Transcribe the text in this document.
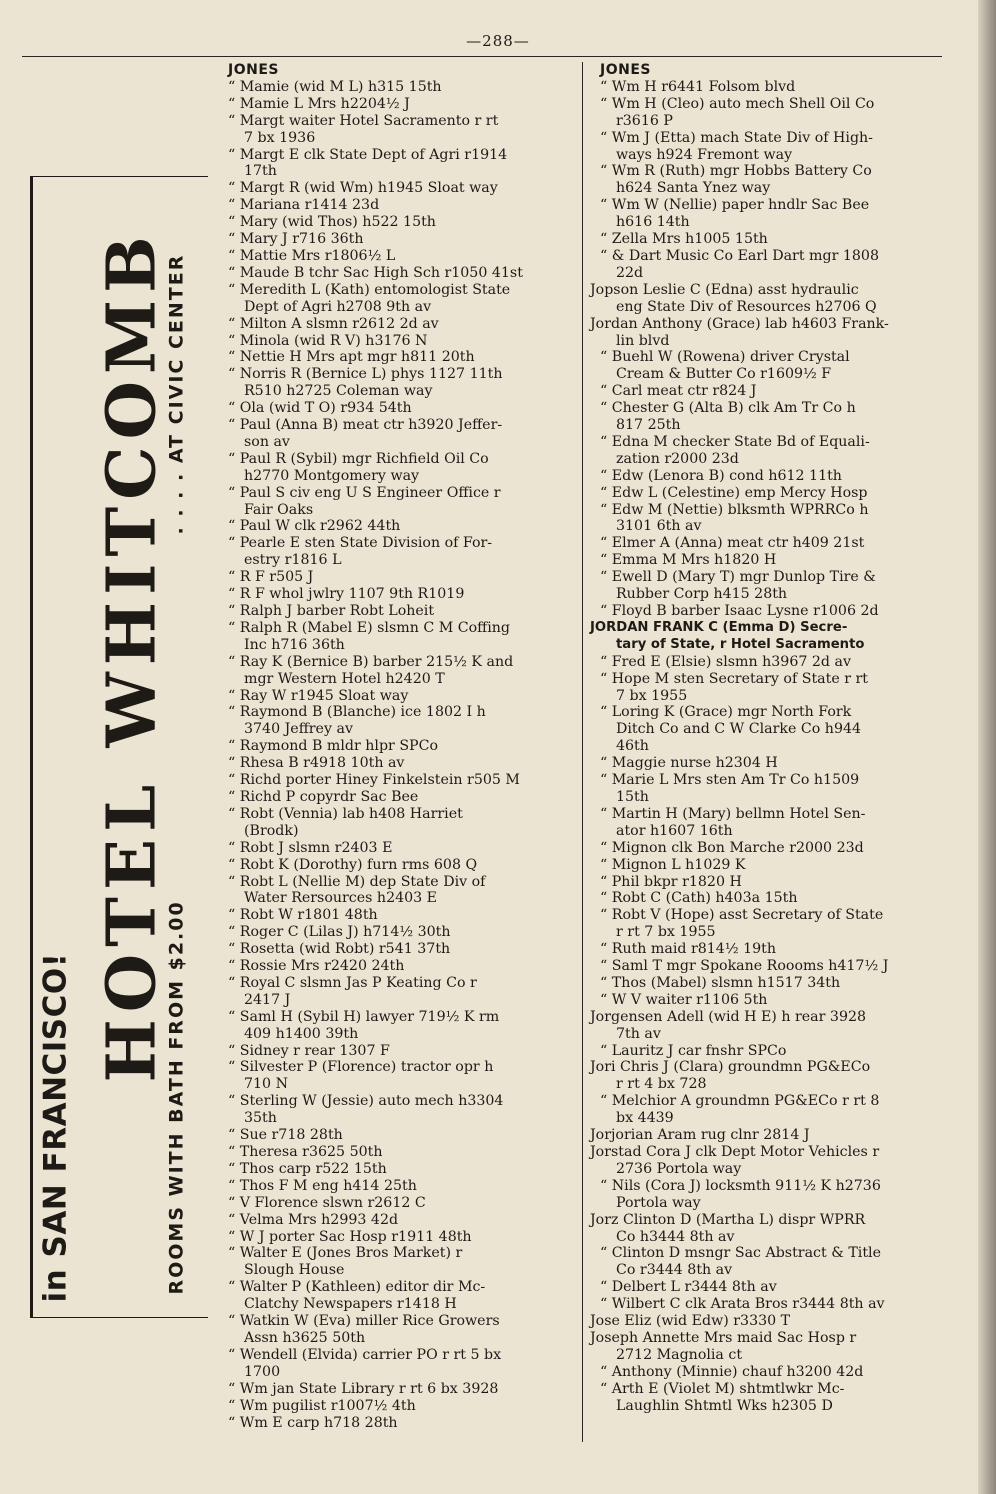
—288—
in SAN FRANCISCO!
HOTEL WHITCOMB
ROOMS WITH BATH FROM $2.00
. . . . AT CIVIC CENTER
JONES
“ Mamie (wid M L) h315 15th
“ Mamie L Mrs h2204½ J
“ Margt waiter Hotel Sacramento r rt
7 bx 1936
“ Margt E clk State Dept of Agri r1914
17th
“ Margt R (wid Wm) h1945 Sloat way
“ Mariana r1414 23d
“ Mary (wid Thos) h522 15th
“ Mary J r716 36th
“ Mattie Mrs r1806½ L
“ Maude B tchr Sac High Sch r1050 41st
“ Meredith L (Kath) entomologist State
Dept of Agri h2708 9th av
“ Milton A slsmn r2612 2d av
“ Minola (wid R V) h3176 N
“ Nettie H Mrs apt mgr h811 20th
“ Norris R (Bernice L) phys 1127 11th
R510 h2725 Coleman way
“ Ola (wid T O) r934 54th
“ Paul (Anna B) meat ctr h3920 Jeffer-
son av
“ Paul R (Sybil) mgr Richfield Oil Co
h2770 Montgomery way
“ Paul S civ eng U S Engineer Office r
Fair Oaks
“ Paul W clk r2962 44th
“ Pearle E sten State Division of For-
estry r1816 L
“ R F r505 J
“ R F whol jwlry 1107 9th R1019
“ Ralph J barber Robt Loheit
“ Ralph R (Mabel E) slsmn C M Coffing
Inc h716 36th
“ Ray K (Bernice B) barber 215½ K and
mgr Western Hotel h2420 T
“ Ray W r1945 Sloat way
“ Raymond B (Blanche) ice 1802 I h
3740 Jeffrey av
“ Raymond B mldr hlpr SPCo
“ Rhesa B r4918 10th av
“ Richd porter Hiney Finkelstein r505 M
“ Richd P copyrdr Sac Bee
“ Robt (Vennia) lab h408 Harriet
(Brodk)
“ Robt J slsmn r2403 E
“ Robt K (Dorothy) furn rms 608 Q
“ Robt L (Nellie M) dep State Div of
Water Rersources h2403 E
“ Robt W r1801 48th
“ Roger C (Lilas J) h714½ 30th
“ Rosetta (wid Robt) r541 37th
“ Rossie Mrs r2420 24th
“ Royal C slsmn Jas P Keating Co r
2417 J
“ Saml H (Sybil H) lawyer 719½ K rm
409 h1400 39th
“ Sidney r rear 1307 F
“ Silvester P (Florence) tractor opr h
710 N
“ Sterling W (Jessie) auto mech h3304
35th
“ Sue r718 28th
“ Theresa r3625 50th
“ Thos carp r522 15th
“ Thos F M eng h414 25th
“ V Florence slswn r2612 C
“ Velma Mrs h2993 42d
“ W J porter Sac Hosp r1911 48th
“ Walter E (Jones Bros Market) r
Slough House
“ Walter P (Kathleen) editor dir Mc-
Clatchy Newspapers r1418 H
“ Watkin W (Eva) miller Rice Growers
Assn h3625 50th
“ Wendell (Elvida) carrier PO r rt 5 bx
1700
“ Wm jan State Library r rt 6 bx 3928
“ Wm pugilist r1007½ 4th
“ Wm E carp h718 28th
JONES
“ Wm H r6441 Folsom blvd
“ Wm H (Cleo) auto mech Shell Oil Co
r3616 P
“ Wm J (Etta) mach State Div of High-
ways h924 Fremont way
“ Wm R (Ruth) mgr Hobbs Battery Co
h624 Santa Ynez way
“ Wm W (Nellie) paper hndlr Sac Bee
h616 14th
“ Zella Mrs h1005 15th
“ & Dart Music Co Earl Dart mgr 1808
22d
Jopson Leslie C (Edna) asst hydraulic
eng State Div of Resources h2706 Q
Jordan Anthony (Grace) lab h4603 Frank-
lin blvd
“ Buehl W (Rowena) driver Crystal
Cream & Butter Co r1609½ F
“ Carl meat ctr r824 J
“ Chester G (Alta B) clk Am Tr Co h
817 25th
“ Edna M checker State Bd of Equali-
zation r2000 23d
“ Edw (Lenora B) cond h612 11th
“ Edw L (Celestine) emp Mercy Hosp
“ Edw M (Nettie) blksmth WPRRCo h
3101 6th av
“ Elmer A (Anna) meat ctr h409 21st
“ Emma M Mrs h1820 H
“ Ewell D (Mary T) mgr Dunlop Tire &
Rubber Corp h415 28th
“ Floyd B barber Isaac Lysne r1006 2d
JORDAN FRANK C (Emma D) Secre-
tary of State, r Hotel Sacramento
“ Fred E (Elsie) slsmn h3967 2d av
“ Hope M sten Secretary of State r rt
7 bx 1955
“ Loring K (Grace) mgr North Fork
Ditch Co and C W Clarke Co h944
46th
“ Maggie nurse h2304 H
“ Marie L Mrs sten Am Tr Co h1509
15th
“ Martin H (Mary) bellmn Hotel Sen-
ator h1607 16th
“ Mignon clk Bon Marche r2000 23d
“ Mignon L h1029 K
“ Phil bkpr r1820 H
“ Robt C (Cath) h403a 15th
“ Robt V (Hope) asst Secretary of State
r rt 7 bx 1955
“ Ruth maid r814½ 19th
“ Saml T mgr Spokane Roooms h417½ J
“ Thos (Mabel) slsmn h1517 34th
“ W V waiter r1106 5th
Jorgensen Adell (wid H E) h rear 3928
7th av
“ Lauritz J car fnshr SPCo
Jori Chris J (Clara) groundmn PG&ECo
r rt 4 bx 728
“ Melchior A groundmn PG&ECo r rt 8
bx 4439
Jorjorian Aram rug clnr 2814 J
Jorstad Cora J clk Dept Motor Vehicles r
2736 Portola way
“ Nils (Cora J) locksmth 911½ K h2736
Portola way
Jorz Clinton D (Martha L) dispr WPRR
Co h3444 8th av
“ Clinton D msngr Sac Abstract & Title
Co r3444 8th av
“ Delbert L r3444 8th av
“ Wilbert C clk Arata Bros r3444 8th av
Jose Eliz (wid Edw) r3330 T
Joseph Annette Mrs maid Sac Hosp r
2712 Magnolia ct
“ Anthony (Minnie) chauf h3200 42d
“ Arth E (Violet M) shtmtlwkr Mc-
Laughlin Shtmtl Wks h2305 D
